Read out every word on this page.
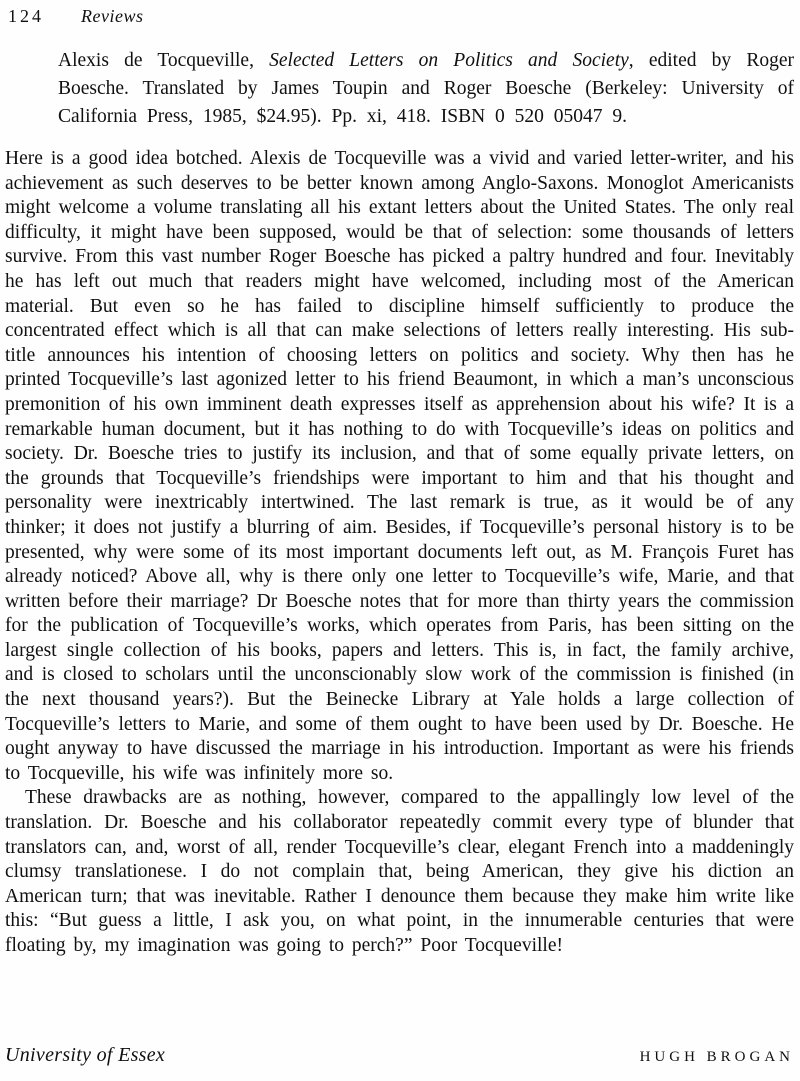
124 Reviews
Alexis de Tocqueville, Selected Letters on Politics and Society, edited by Roger Boesche. Translated by James Toupin and Roger Boesche (Berkeley: University of California Press, 1985, $24.95). Pp. xi, 418. ISBN 0 520 05047 9.

Here is a good idea botched. Alexis de Tocqueville was a vivid and varied letter-writer, and his achievement as such deserves to be better known among Anglo-Saxons. Monoglot Americanists might welcome a volume translating all his extant letters about the United States. The only real difficulty, it might have been supposed, would be that of selection: some thousands of letters survive. From this vast number Roger Boesche has picked a paltry hundred and four. Inevitably he has left out much that readers might have welcomed, including most of the American material. But even so he has failed to discipline himself sufficiently to produce the concentrated effect which is all that can make selections of letters really interesting. His sub-title announces his intention of choosing letters on politics and society. Why then has he printed Tocqueville’s last agonized letter to his friend Beaumont, in which a man’s unconscious premonition of his own imminent death expresses itself as apprehension about his wife? It is a remarkable human document, but it has nothing to do with Tocqueville’s ideas on politics and society. Dr. Boesche tries to justify its inclusion, and that of some equally private letters, on the grounds that Tocqueville’s friendships were important to him and that his thought and personality were inextricably intertwined. The last remark is true, as it would be of any thinker; it does not justify a blurring of aim. Besides, if Tocqueville’s personal history is to be presented, why were some of its most important documents left out, as M. François Furet has already noticed? Above all, why is there only one letter to Tocqueville’s wife, Marie, and that written before their marriage? Dr Boesche notes that for more than thirty years the commission for the publication of Tocqueville’s works, which operates from Paris, has been sitting on the largest single collection of his books, papers and letters. This is, in fact, the family archive, and is closed to scholars until the unconscionably slow work of the commission is finished (in the next thousand years?). But the Beinecke Library at Yale holds a large collection of Tocqueville’s letters to Marie, and some of them ought to have been used by Dr. Boesche. He ought anyway to have discussed the marriage in his introduction. Important as were his friends to Tocqueville, his wife was infinitely more so.

These drawbacks are as nothing, however, compared to the appallingly low level of the translation. Dr. Boesche and his collaborator repeatedly commit every type of blunder that translators can, and, worst of all, render Tocqueville’s clear, elegant French into a maddeningly clumsy translationese. I do not complain that, being American, they give his diction an American turn; that was inevitable. Rather I denounce them because they make him write like this: “But guess a little, I ask you, on what point, in the innumerable centuries that were floating by, my imagination was going to perch?” Poor Tocqueville!

University of Essex	HUGH BROGAN
